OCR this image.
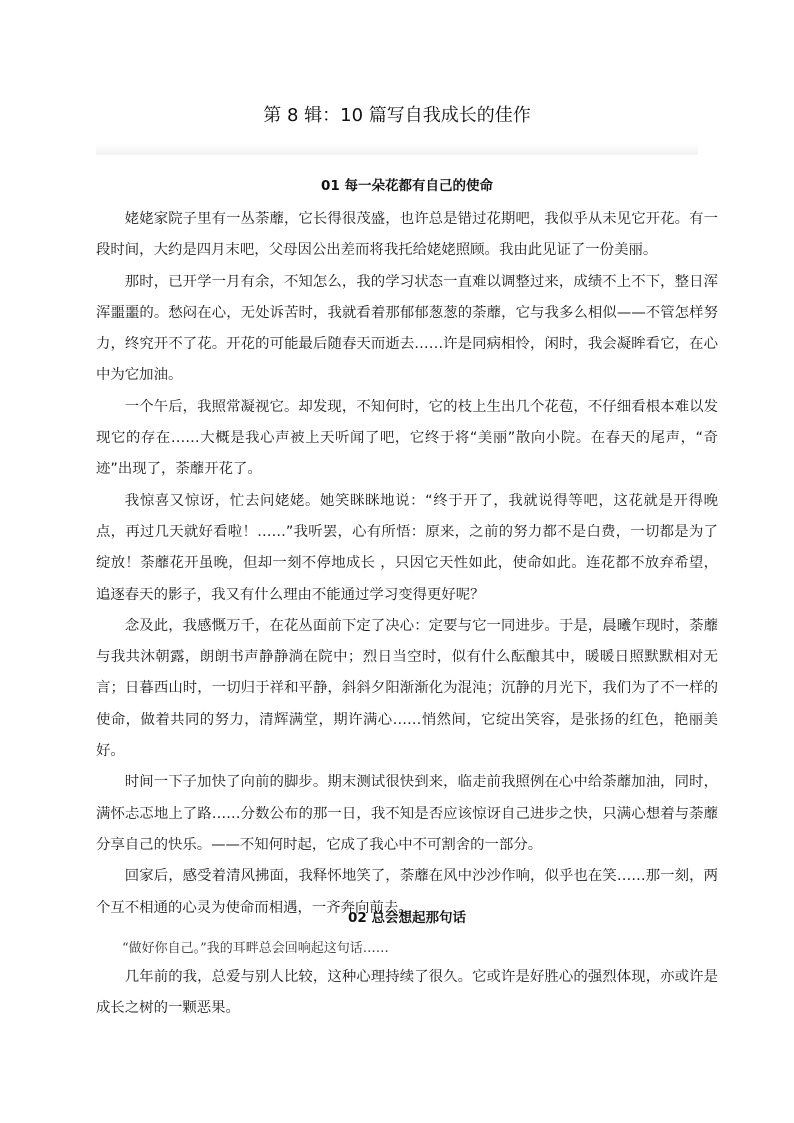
第 8 辑：10 篇写自我成长的佳作
01 每一朵花都有自己的使命

姥姥家院子里有一丛荼蘼，它长得很茂盛，也许总是错过花期吧，我似乎从未见它开花。有一段时间，大约是四月末吧，父母因公出差而将我托给姥姥照顾。我由此见证了一份美丽。

那时，已开学一月有余，不知怎么，我的学习状态一直难以调整过来，成绩不上不下，整日浑浑噩噩的。愁闷在心，无处诉苦时，我就看着那郁郁葱葱的荼蘼，它与我多么相似——不管怎样努力，终究开不了花。开花的可能最后随春天而逝去……许是同病相怜，闲时，我会凝眸看它，在心中为它加油。

一个午后，我照常凝视它。却发现，不知何时，它的枝上生出几个花苞，不仔细看根本难以发现它的存在……大概是我心声被上天听闻了吧，它终于将“美丽”散向小院。在春天的尾声，“奇迹”出现了，荼蘼开花了。

我惊喜又惊讶，忙去问姥姥。她笑眯眯地说：“终于开了，我就说得等吧，这花就是开得晚点，再过几天就好看啦！……”我听罢，心有所悟：原来，之前的努力都不是白费，一切都是为了绽放！荼蘼花开虽晚，但却一刻不停地成长 ，只因它天性如此，使命如此。连花都不放弃希望，追逐春天的影子，我又有什么理由不能通过学习变得更好呢？

念及此，我感慨万千，在花丛面前下定了决心：定要与它一同进步。于是，晨曦乍现时，荼蘼与我共沐朝露，朗朗书声静静淌在院中；烈日当空时，似有什么酝酿其中，暖暖日照默默相对无言；日暮西山时，一切归于祥和平静，斜斜夕阳渐渐化为混沌；沉静的月光下，我们为了不一样的使命，做着共同的努力，清辉满堂，期许满心……悄然间，它绽出笑容，是张扬的红色，艳丽美好。

时间一下子加快了向前的脚步。期末测试很快到来，临走前我照例在心中给荼蘼加油，同时，满怀忐忑地上了路……分数公布的那一日，我不知是否应该惊讶自己进步之快，只满心想着与荼蘼分享自己的快乐。——不知何时起，它成了我心中不可割舍的一部分。

回家后，感受着清风拂面，我释怀地笑了，荼蘼在风中沙沙作响，似乎也在笑……那一刻，两个互不相通的心灵为使命而相遇，一齐奔向前去。

02 总会想起那句话

“做好你自己。”我的耳畔总会回响起这句话……

几年前的我，总爱与别人比较，这种心理持续了很久。它或许是好胜心的强烈体现，亦或许是成长之树的一颗恶果。
